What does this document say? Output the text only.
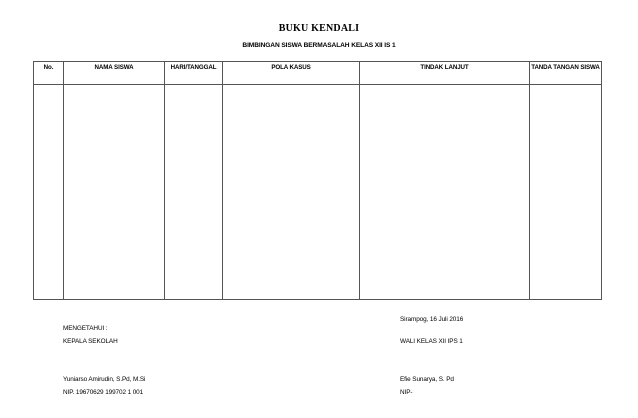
BUKU KENDALI
BIMBINGAN SISWA BERMASALAH KELAS XII IS 1
No.	NAMA SISWA	HARI/TANGGAL	POLA KASUS	TINDAK LANJUT	TANDA TANGAN SISWA

Sirampog, 16 Juli 2016
MENGETAHUI :
KEPALA SEKOLAH	WALI KELAS XII IPS 1
Yuniarso Amirudin, S.Pd, M.Si	Efie Sunarya, S. Pd
NIP. 19670629 199702 1 001	NIP-
